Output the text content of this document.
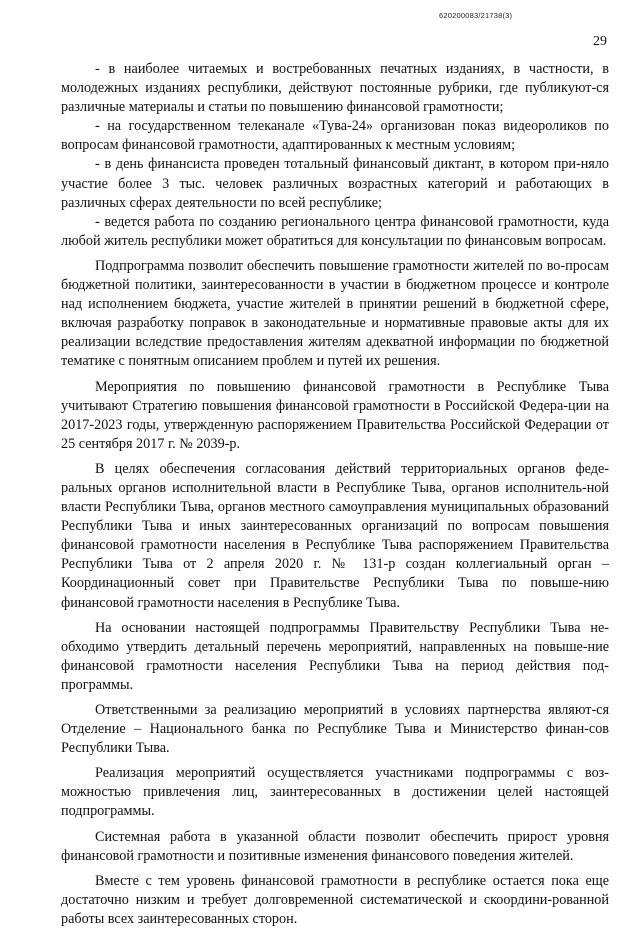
620200083/21738(3)
29

- в наиболее читаемых и востребованных печатных изданиях, в частности, в молодежных изданиях республики, действуют постоянные рубрики, где публикуют-ся различные материалы и статьи по повышению финансовой грамотности;

- на государственном телеканале «Тува-24» организован показ видеороликов по вопросам финансовой грамотности, адаптированных к местным условиям;

- в день финансиста проведен тотальный финансовый диктант, в котором при-няло участие более 3 тыс. человек различных возрастных категорий и работающих в различных сферах деятельности по всей республике;

- ведется работа по созданию регионального центра финансовой грамотности, куда любой житель республики может обратиться для консультации по финансовым вопросам.

Подпрограмма позволит обеспечить повышение грамотности жителей по во-просам бюджетной политики, заинтересованности в участии в бюджетном процессе и контроле над исполнением бюджета, участие жителей в принятии решений в бюджетной сфере, включая разработку поправок в законодательные и нормативные правовые акты для их реализации вследствие предоставления жителям адекватной информации по бюджетной тематике с понятным описанием проблем и путей их решения.

Мероприятия по повышению финансовой грамотности в Республике Тыва учитывают Стратегию повышения финансовой грамотности в Российской Федера-ции на 2017-2023 годы, утвержденную распоряжением Правительства Российской Федерации от 25 сентября 2017 г. № 2039-р.

В целях обеспечения согласования действий территориальных органов феде-ральных органов исполнительной власти в Республике Тыва, органов исполнитель-ной власти Республики Тыва, органов местного самоуправления муниципальных образований Республики Тыва и иных заинтересованных организаций по вопросам повышения финансовой грамотности населения в Республике Тыва распоряжением Правительства Республики Тыва от 2 апреля 2020 г. № 131-р создан коллегиальный орган – Координационный совет при Правительстве Республики Тыва по повыше-нию финансовой грамотности населения в Республике Тыва.

На основании настоящей подпрограммы Правительству Республики Тыва не-обходимо утвердить детальный перечень мероприятий, направленных на повыше-ние финансовой грамотности населения Республики Тыва на период действия под-программы.

Ответственными за реализацию мероприятий в условиях партнерства являют-ся Отделение – Национального банка по Республике Тыва и Министерство финан-сов Республики Тыва.

Реализация мероприятий осуществляется участниками подпрограммы с воз-можностью привлечения лиц, заинтересованных в достижении целей настоящей подпрограммы.

Системная работа в указанной области позволит обеспечить прирост уровня финансовой грамотности и позитивные изменения финансового поведения жителей.

Вместе с тем уровень финансовой грамотности в республике остается пока еще достаточно низким и требует долговременной систематической и скоордини-рованной работы всех заинтересованных сторон.
